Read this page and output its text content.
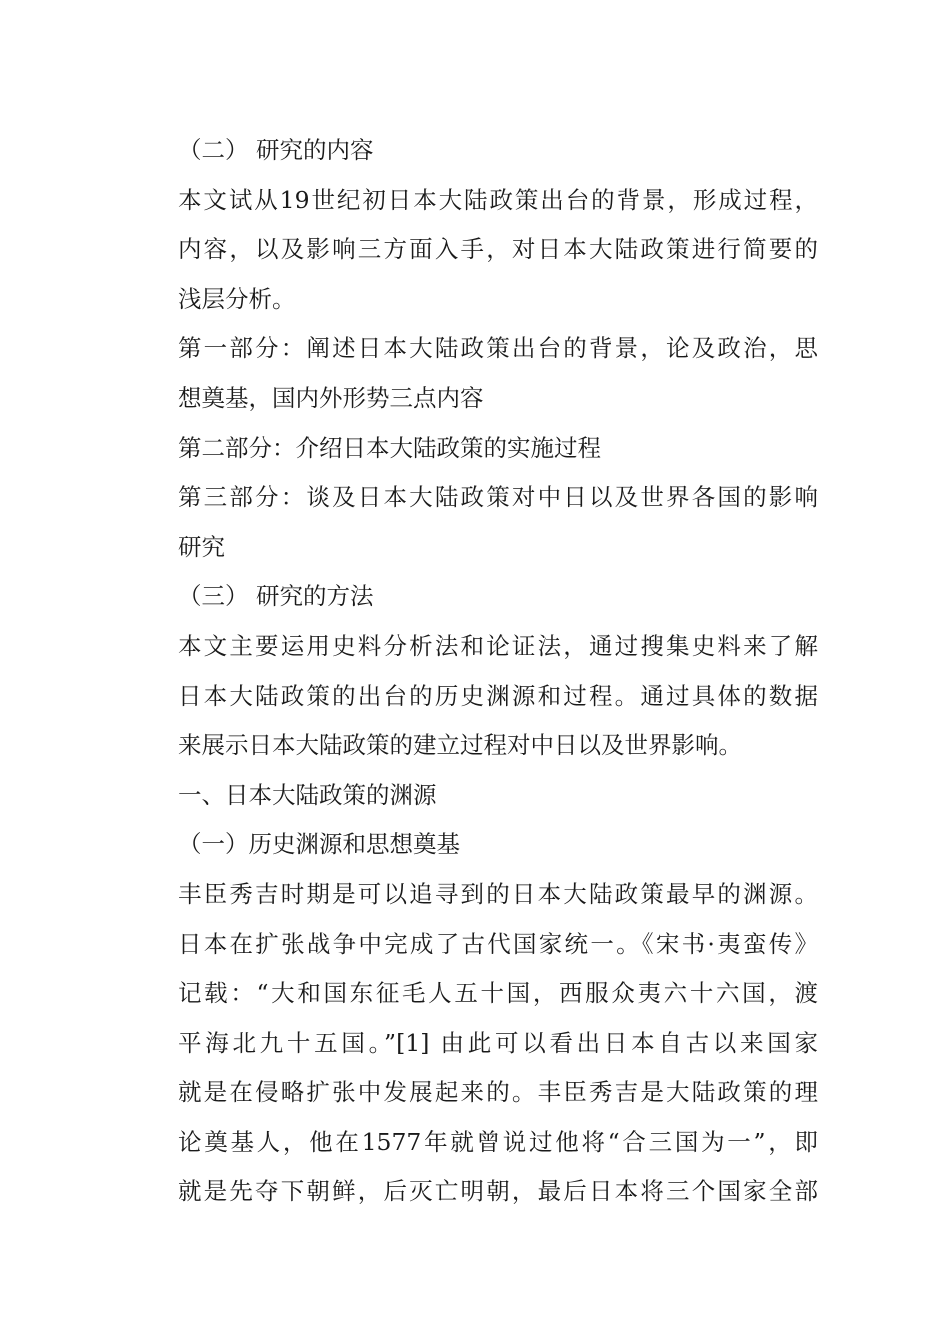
（二） 研究的内容
本文试从19世纪初日本大陆政策出台的背景，形成过程，
内容，以及影响三方面入手，对日本大陆政策进行简要的
浅层分析。
第一部分：阐述日本大陆政策出台的背景，论及政治，思
想奠基，国内外形势三点内容
第二部分：介绍日本大陆政策的实施过程
第三部分：谈及日本大陆政策对中日以及世界各国的影响
研究
（三） 研究的方法
本文主要运用史料分析法和论证法，通过搜集史料来了解
日本大陆政策的出台的历史渊源和过程。通过具体的数据
来展示日本大陆政策的建立过程对中日以及世界影响。
一、日本大陆政策的渊源
（一）历史渊源和思想奠基
丰臣秀吉时期是可以追寻到的日本大陆政策最早的渊源。
日本在扩张战争中完成了古代国家统一。《宋书·夷蛮传》
记载：“大和国东征毛人五十国，西服众夷六十六国，渡
平海北九十五国。”[1] 由此可以看出日本自古以来国家
就是在侵略扩张中发展起来的。丰臣秀吉是大陆政策的理
论奠基人，他在1577年就曾说过他将“合三国为一”，即
就是先夺下朝鲜，后灭亡明朝，最后日本将三个国家全部
